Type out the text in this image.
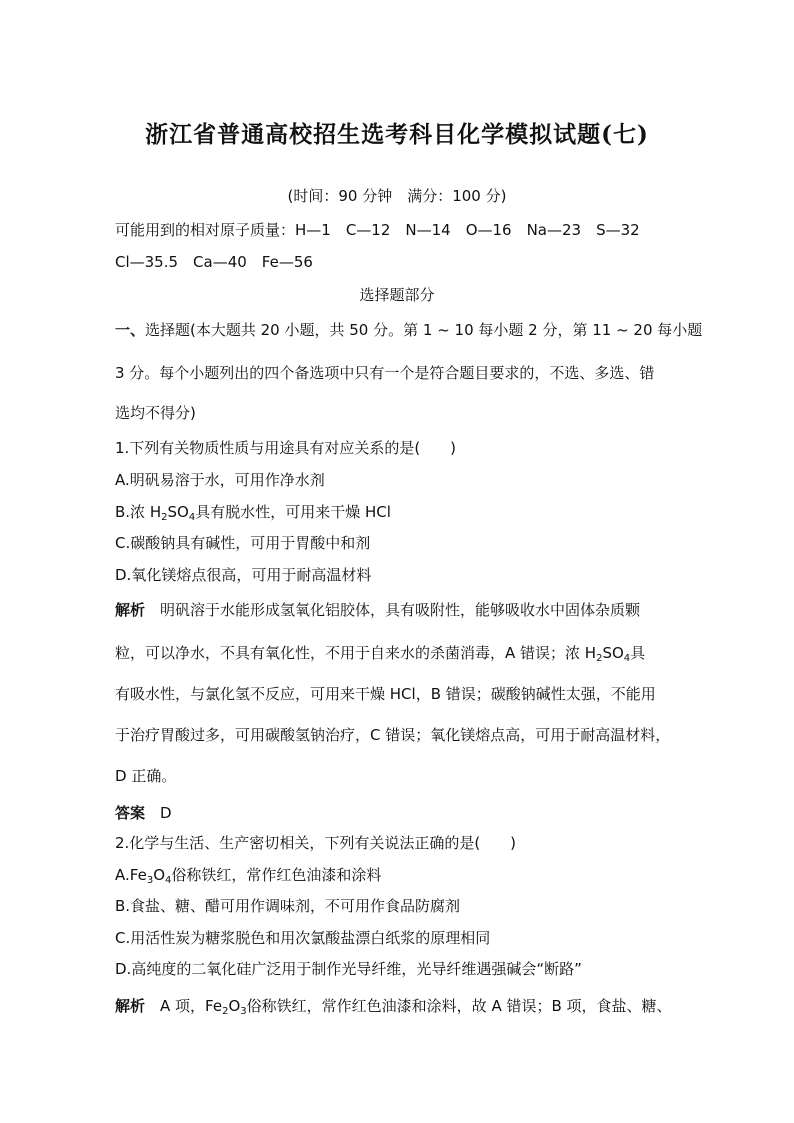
浙江省普通高校招生选考科目化学模拟试题(七)
(时间：90 分钟　满分：100 分)
可能用到的相对原子质量：H—1　C—12　N—14　O—16　Na—23　S—32
Cl—35.5　Ca—40　Fe—56
选择题部分
一、选择题(本大题共 20 小题，共 50 分。第 1 ~ 10 每小题 2 分，第 11 ~ 20 每小题
3 分。每个小题列出的四个备选项中只有一个是符合题目要求的，不选、多选、错
选均不得分)
1.下列有关物质性质与用途具有对应关系的是(　　)
A.明矾易溶于水，可用作净水剂
B.浓 $H_2SO_4$具有脱水性，可用来干燥 HCl
C.碳酸钠具有碱性，可用于胃酸中和剂
D.氧化镁熔点很高，可用于耐高温材料
解析　 明矾溶于水能形成氢氧化铝胶体，具有吸附性，能够吸收水中固体杂质颗
粒，可以净水，不具有氧化性，不用于自来水的杀菌消毒，A 错误；浓 $H_2SO_4$具
有吸水性，与氯化氢不反应，可用来干燥 HCl，B 错误；碳酸钠碱性太强，不能用
于治疗胃酸过多，可用碳酸氢钠治疗，C 错误；氧化镁熔点高，可用于耐高温材料，
D 正确。
答案　 D
2.化学与生活、生产密切相关，下列有关说法正确的是(　　)
$A.Fe_3O_4$俗称铁红，常作红色油漆和涂料
B.食盐、糖、醋可用作调味剂，不可用作食品防腐剂
C.用活性炭为糖浆脱色和用次氯酸盐漂白纸浆的原理相同
D.高纯度的二氧化硅广泛用于制作光导纤维，光导纤维遇强碱会“断路”
解析　 A 项，$Fe_2O_3$俗称铁红，常作红色油漆和涂料，故 A 错误；B 项，食盐、糖、
